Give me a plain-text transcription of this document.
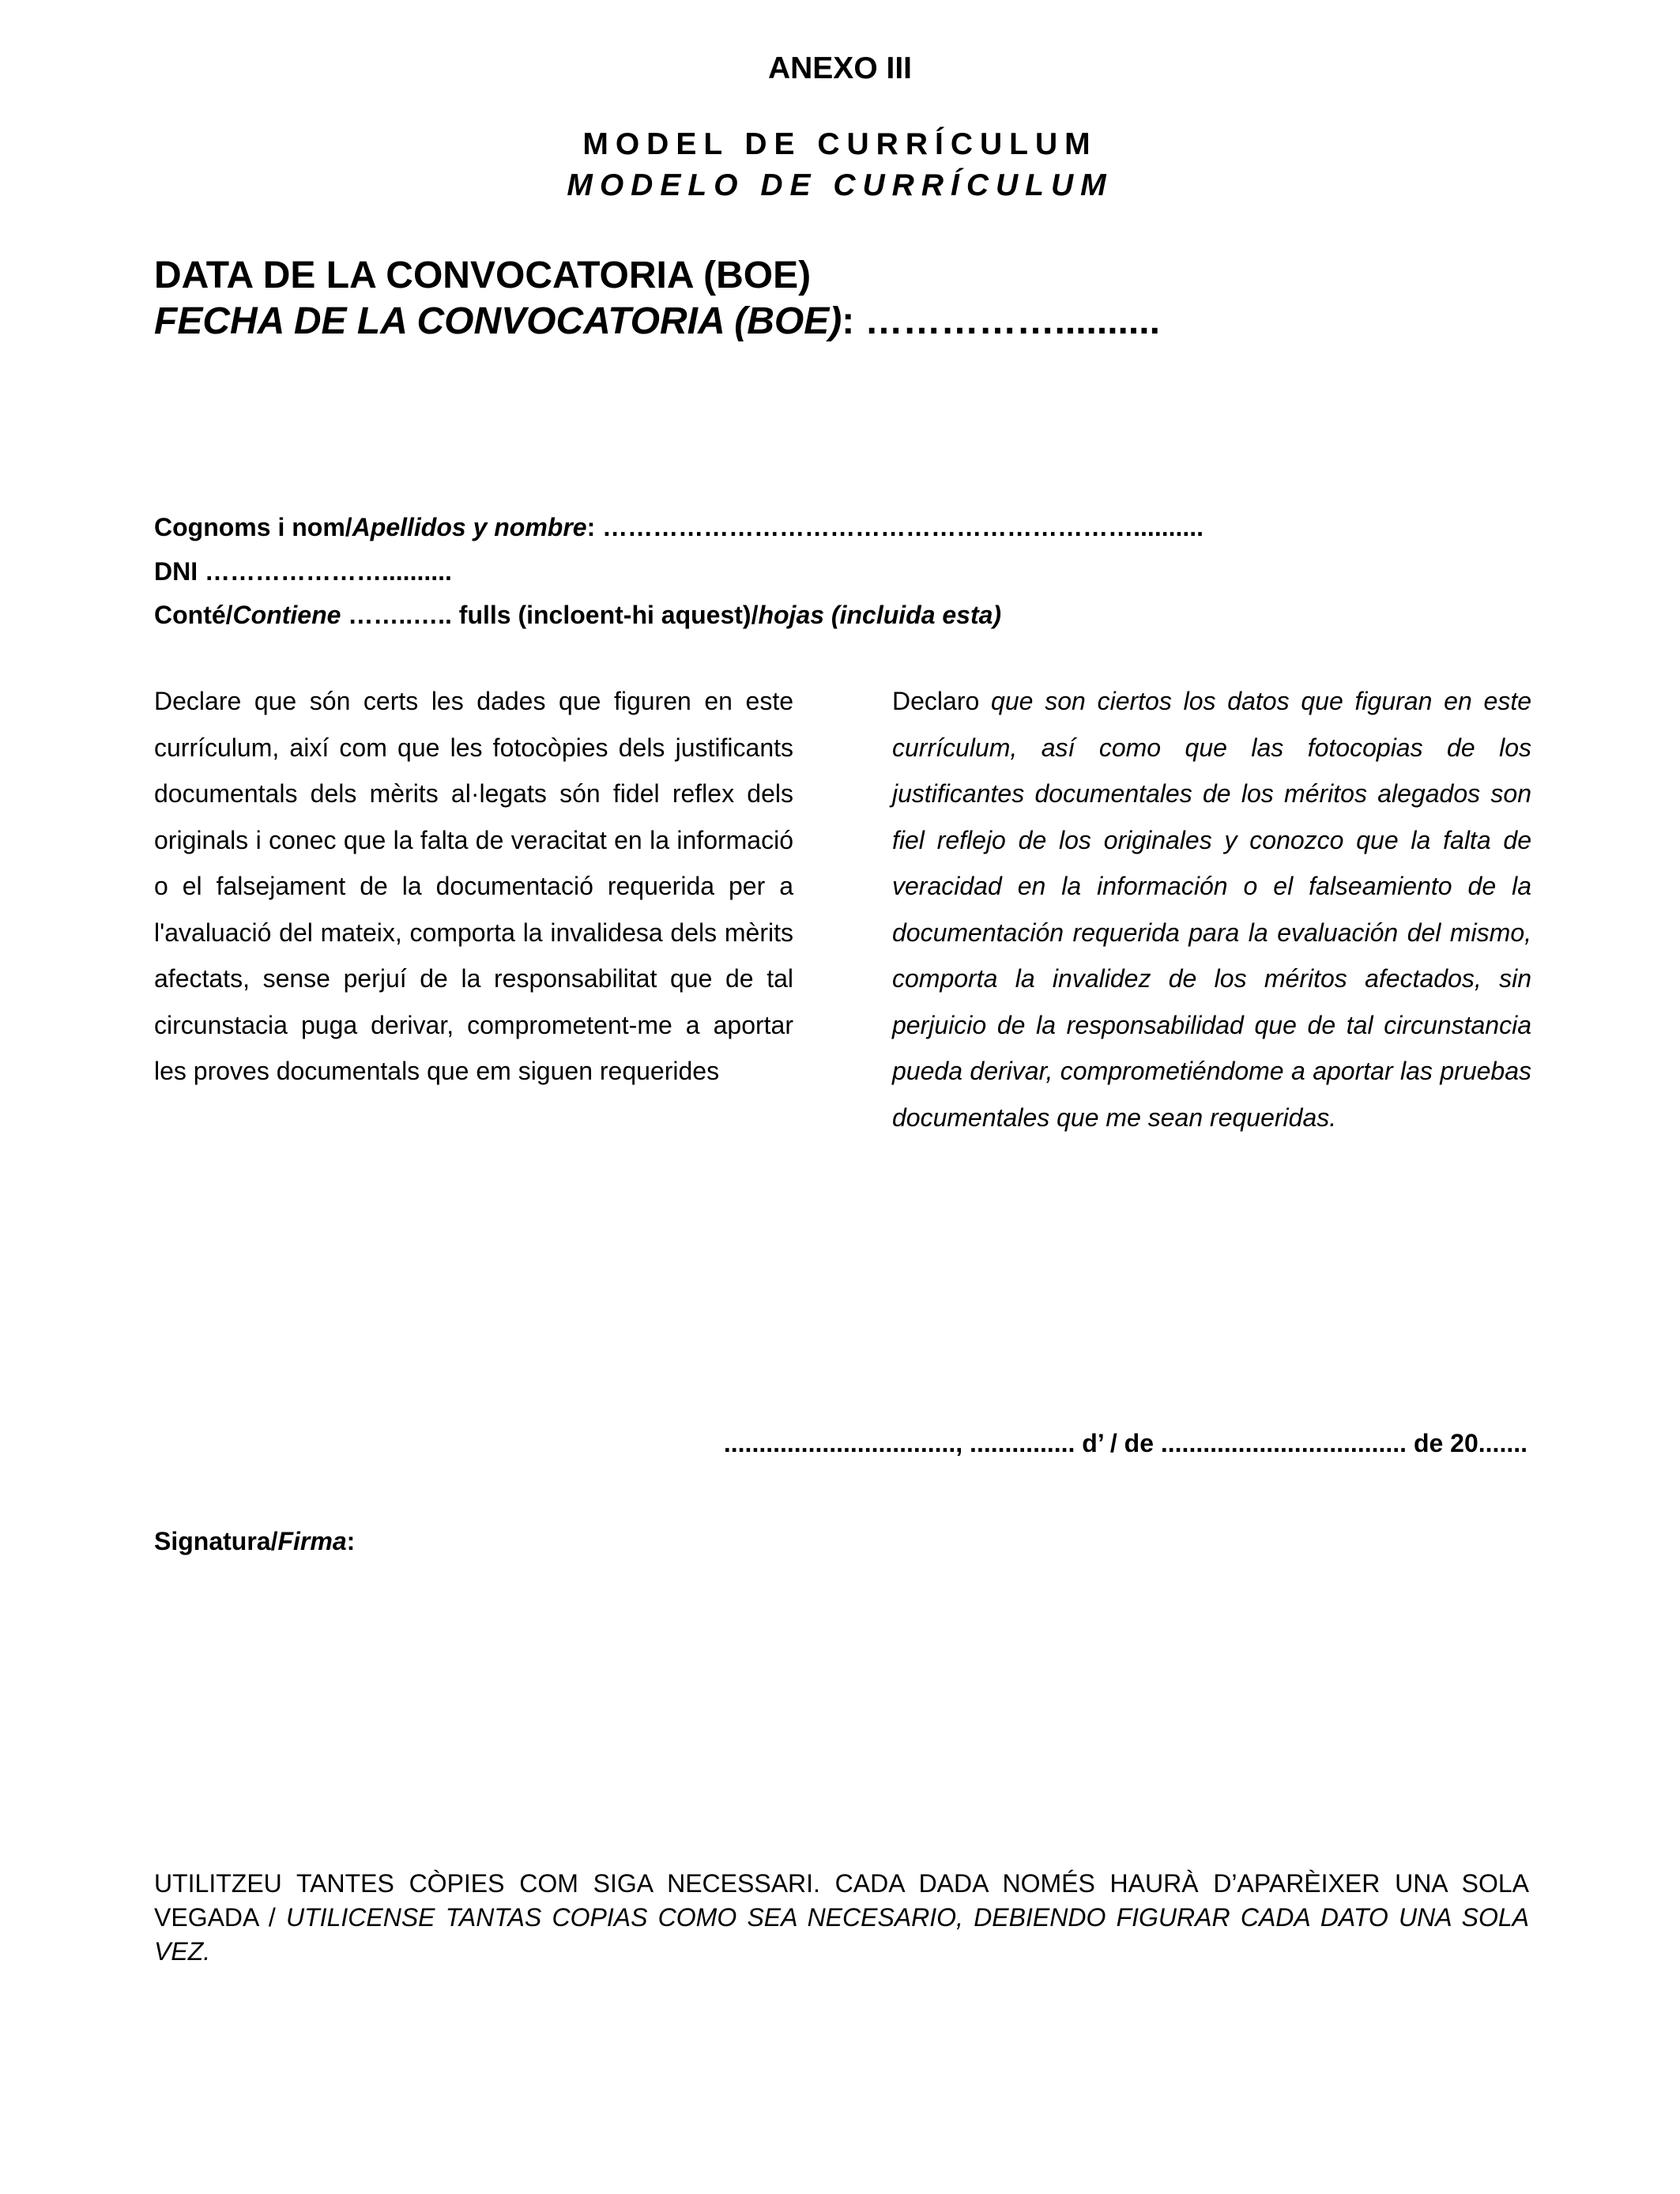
ANEXO III
MODEL DE CURRÍCULUM
MODELO DE CURRÍCULUM
DATA DE LA CONVOCATORIA (BOE)
FECHA DE LA CONVOCATORIA (BOE): ……………..........
Cognoms i nom/Apellidos y nombre: ………………………………………………………..........
DNI …………………..........
Conté/Contiene ……..….. fulls (incloent-hi aquest)/hojas (incluida esta)
Declare que són certs les dades que figuren en este currículum, així com que les fotocòpies dels justificants documentals dels mèrits al·legats són fidel reflex dels originals i conec que la falta de veracitat en la informació o el falsejament de la documentació requerida per a l'avaluació del mateix, comporta la invalidesa dels mèrits afectats, sense perjuí de la responsabilitat que de tal circunstacia puga derivar, comprometent-me a aportar les proves documentals que em siguen requerides
Declaro que son ciertos los datos que figuran en este currículum, así como que las fotocopias de los justificantes documentales de los méritos alegados son fiel reflejo de los originales y conozco que la falta de veracidad en la información o el falseamiento de la documentación requerida para la evaluación del mismo, comporta la invalidez de los méritos afectados, sin perjuicio de la responsabilidad que de tal circunstancia pueda derivar, comprometiéndome a aportar las pruebas documentales que me sean requeridas.
................................., ............... d’ / de ................................... de 20.......
Signatura/Firma:
UTILITZEU TANTES CÒPIES COM SIGA NECESSARI. CADA DADA NOMÉS HAURÀ D’APARÈIXER UNA SOLA VEGADA / UTILICENSE TANTAS COPIAS COMO SEA NECESARIO, DEBIENDO FIGURAR CADA DATO UNA SOLA VEZ.
